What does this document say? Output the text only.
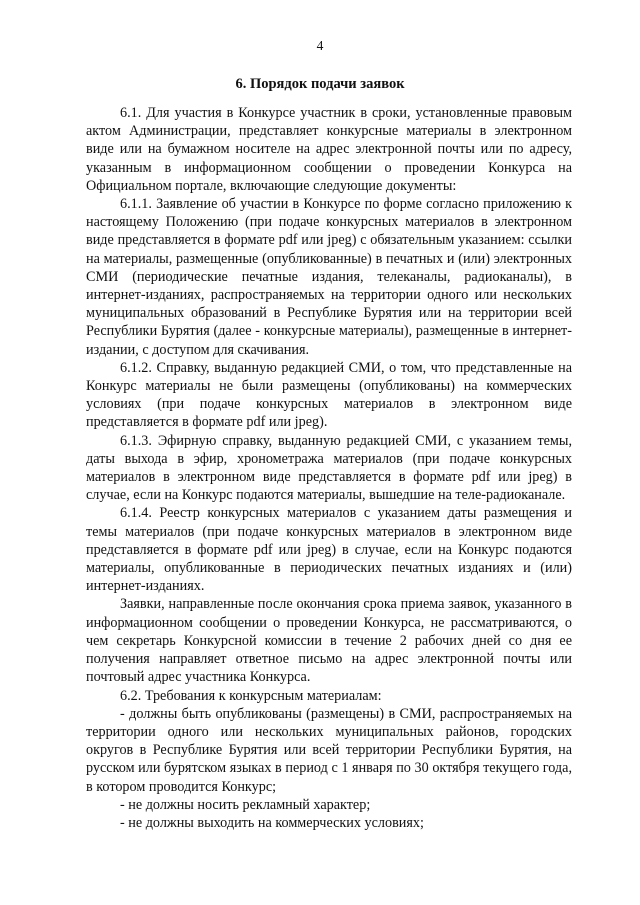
4
6. Порядок подачи заявок

6.1. Для участия в Конкурсе участник в сроки, установленные правовым актом Администрации, представляет конкурсные материалы в электронном виде или на бумажном носителе на адрес электронной почты или по адресу, указанным в информационном сообщении о проведении Конкурса на Официальном портале, включающие следующие документы:

6.1.1. Заявление об участии в Конкурсе по форме согласно приложению к настоящему Положению (при подаче конкурсных материалов в электронном виде представляется в формате pdf или jpeg) с обязательным указанием: ссылки на материалы, размещенные (опубликованные) в печатных и (или) электронных СМИ (периодические печатные издания, телеканалы, радиоканалы), в интернет-изданиях, распространяемых на территории одного или нескольких муниципальных образований в Республике Бурятия или на территории всей Республики Бурятия (далее - конкурсные материалы), размещенные в интернет-издании, с доступом для скачивания.

6.1.2. Справку, выданную редакцией СМИ, о том, что представленные на Конкурс материалы не были размещены (опубликованы) на коммерческих условиях (при подаче конкурсных материалов в электронном виде представляется в формате pdf или jpeg).

6.1.3. Эфирную справку, выданную редакцией СМИ, с указанием темы, даты выхода в эфир, хронометража материалов (при подаче конкурсных материалов в электронном виде представляется в формате pdf или jpeg) в случае, если на Конкурс подаются материалы, вышедшие на теле-радиоканале.

6.1.4. Реестр конкурсных материалов с указанием даты размещения и темы материалов (при подаче конкурсных материалов в электронном виде представляется в формате pdf или jpeg) в случае, если на Конкурс подаются материалы, опубликованные в периодических печатных изданиях и (или) интернет-изданиях.

Заявки, направленные после окончания срока приема заявок, указанного в информационном сообщении о проведении Конкурса, не рассматриваются, о чем секретарь Конкурсной комиссии в течение 2 рабочих дней со дня ее получения направляет ответное письмо на адрес электронной почты или почтовый адрес участника Конкурса.

6.2. Требования к конкурсным материалам:

- должны быть опубликованы (размещены) в СМИ, распространяемых на территории одного или нескольких муниципальных районов, городских округов в Республике Бурятия или всей территории Республики Бурятия, на русском или бурятском языках в период с 1 января по 30 октября текущего года, в котором проводится Конкурс;

- не должны носить рекламный характер;

- не должны выходить на коммерческих условиях;
